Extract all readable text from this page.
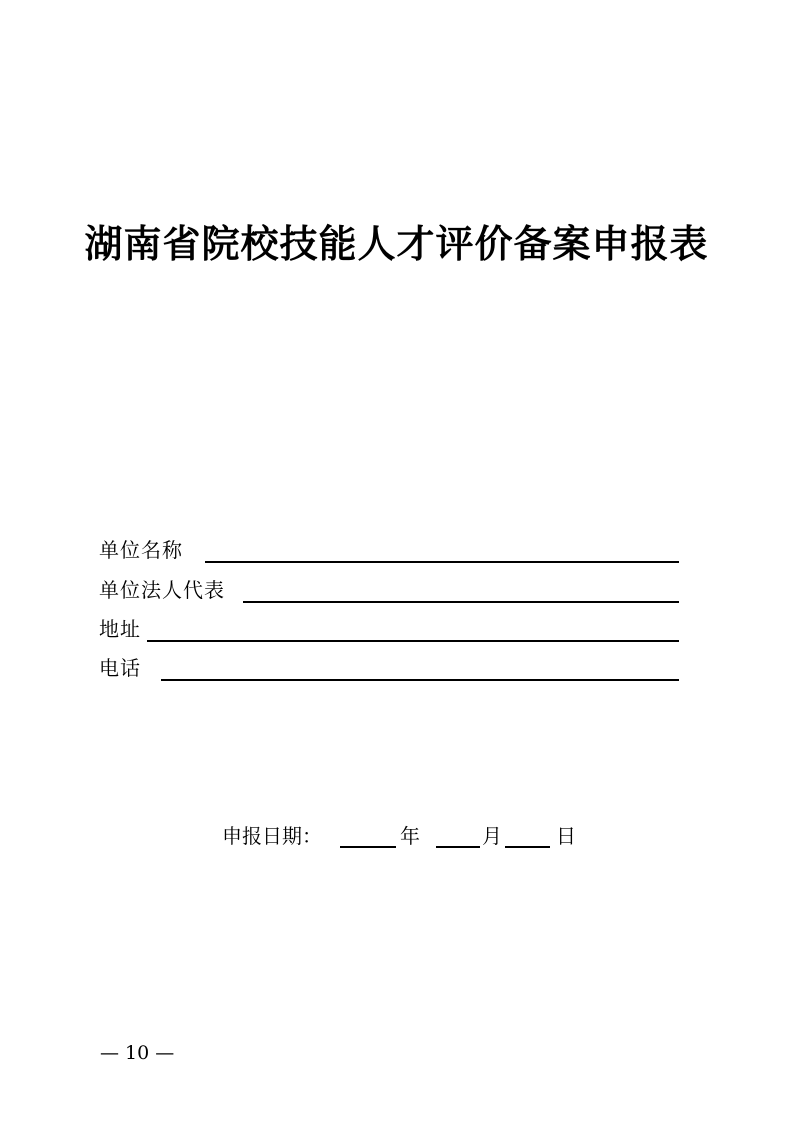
湖南省院校技能人才评价备案申报表
单位名称
单位法人代表
地址
电话
申报日期：	年	月	日
— 10 —
